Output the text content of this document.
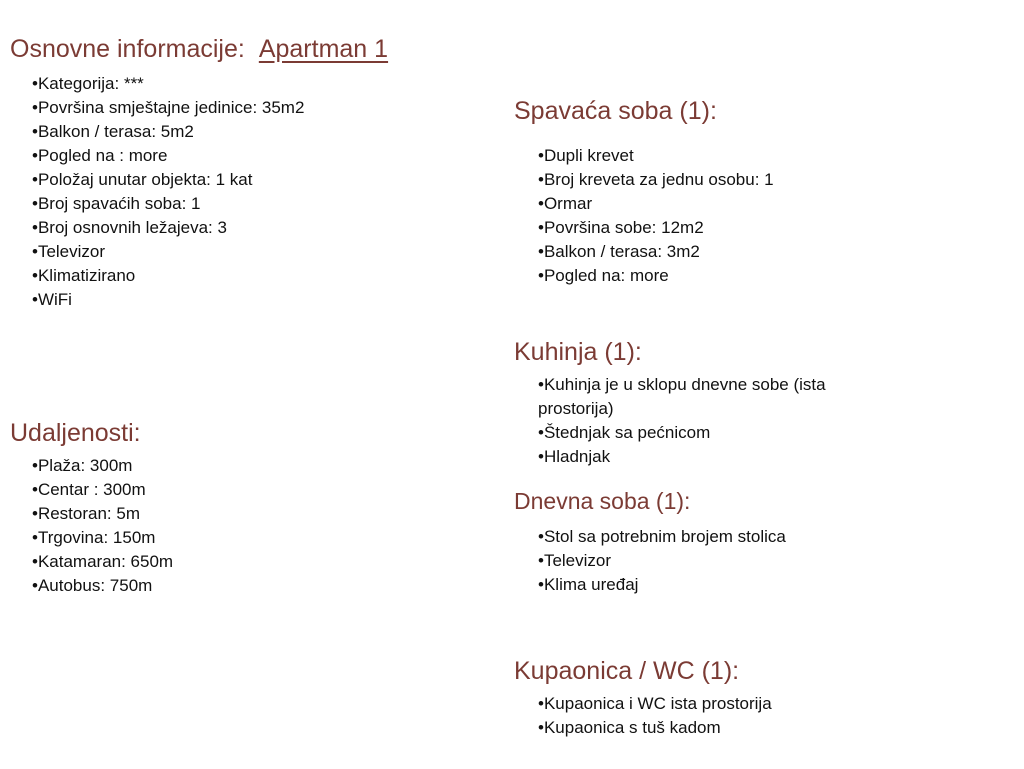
Osnovne informacije: Apartman 1
• Kategorija: ***
• Površina smještajne jedinice: 35m2
• Balkon / terasa: 5m2
• Pogled na : more
• Položaj unutar objekta: 1 kat
• Broj spavaćih soba: 1
• Broj osnovnih ležajeva: 3
• Televizor
• Klimatizirano
• WiFi
Udaljenosti:
• Plaža: 300m
• Centar : 300m
• Restoran: 5m
• Trgovina: 150m
• Katamaran: 650m
• Autobus: 750m
Spavaća soba (1):
• Dupli krevet
• Broj kreveta za jednu osobu: 1
• Ormar
• Površina sobe: 12m2
• Balkon / terasa: 3m2
• Pogled na: more
Kuhinja (1):
• Kuhinja je u sklopu dnevne sobe (ista prostorija)
• Štednjak sa pećnicom
• Hladnjak
Dnevna soba (1):
• Stol sa potrebnim brojem stolica
• Televizor
• Klima uređaj
Kupaonica / WC (1):
• Kupaonica i WC ista prostorija
• Kupaonica s tuš kadom
